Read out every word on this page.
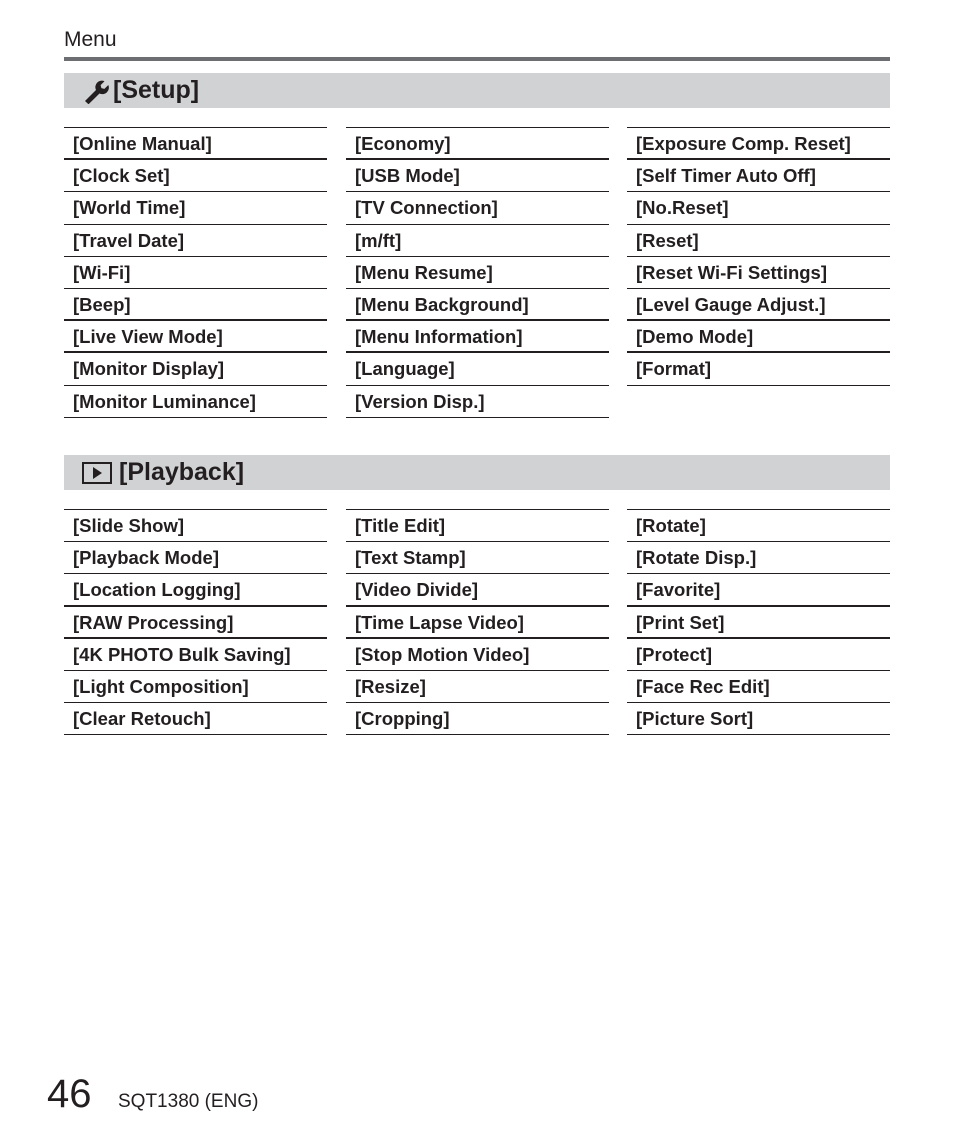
Menu
[Setup]
[Online Manual]
[Clock Set]
[World Time]
[Travel Date]
[Wi-Fi]
[Beep]
[Live View Mode]
[Monitor Display]
[Monitor Luminance]
[Economy]
[USB Mode]
[TV Connection]
[m/ft]
[Menu Resume]
[Menu Background]
[Menu Information]
[Language]
[Version Disp.]
[Exposure Comp. Reset]
[Self Timer Auto Off]
[No.Reset]
[Reset]
[Reset Wi-Fi Settings]
[Level Gauge Adjust.]
[Demo Mode]
[Format]
[Playback]
[Slide Show]
[Playback Mode]
[Location Logging]
[RAW Processing]
[4K PHOTO Bulk Saving]
[Light Composition]
[Clear Retouch]
[Title Edit]
[Text Stamp]
[Video Divide]
[Time Lapse Video]
[Stop Motion Video]
[Resize]
[Cropping]
[Rotate]
[Rotate Disp.]
[Favorite]
[Print Set]
[Protect]
[Face Rec Edit]
[Picture Sort]
46 SQT1380 (ENG)
